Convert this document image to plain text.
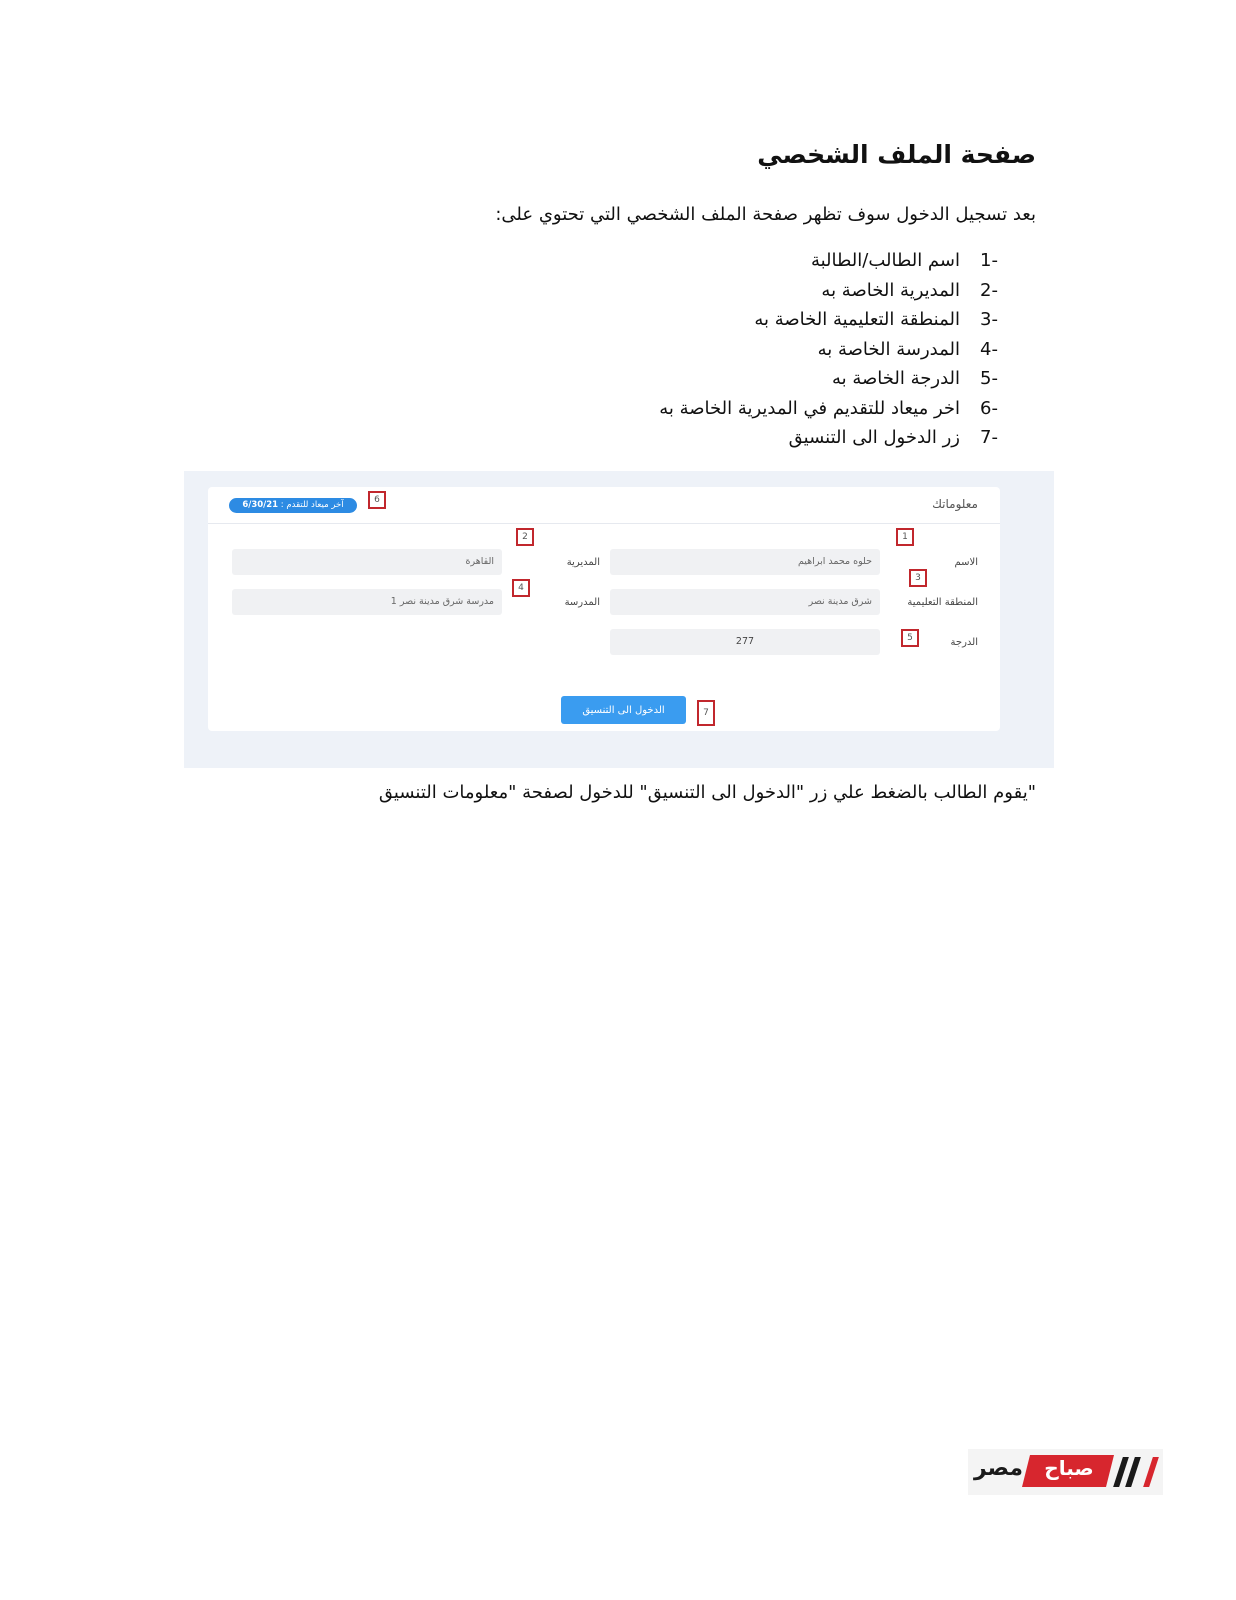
صفحة الملف الشخصي

بعد تسجيل الدخول سوف تظهر صفحة الملف الشخصي التي تحتوي على:

1-اسم الطالب/الطالبة
2-المديرية الخاصة به
3-المنطقة التعليمية الخاصة به
4-المدرسة الخاصة به
5-الدرجة الخاصة به
6-اخر ميعاد للتقديم في المديرية الخاصة به
7-زر الدخول الى التنسيق
معلوماتك
آخر ميعاد للتقدم : 6/30/21
الاسم
حلوه محمد ابراهيم
المنطقة التعليمية
شرق مدينة نصر
الدرجة
277
المديرية
القاهرة
المدرسة
مدرسة شرق مدينة نصر 1
الدخول الى التنسيق
1
2
3
4
5
6
7

"يقوم الطالب بالضغط علي زر "الدخول الى التنسيق" للدخول لصفحة "معلومات التنسيق

مصر	صباح
